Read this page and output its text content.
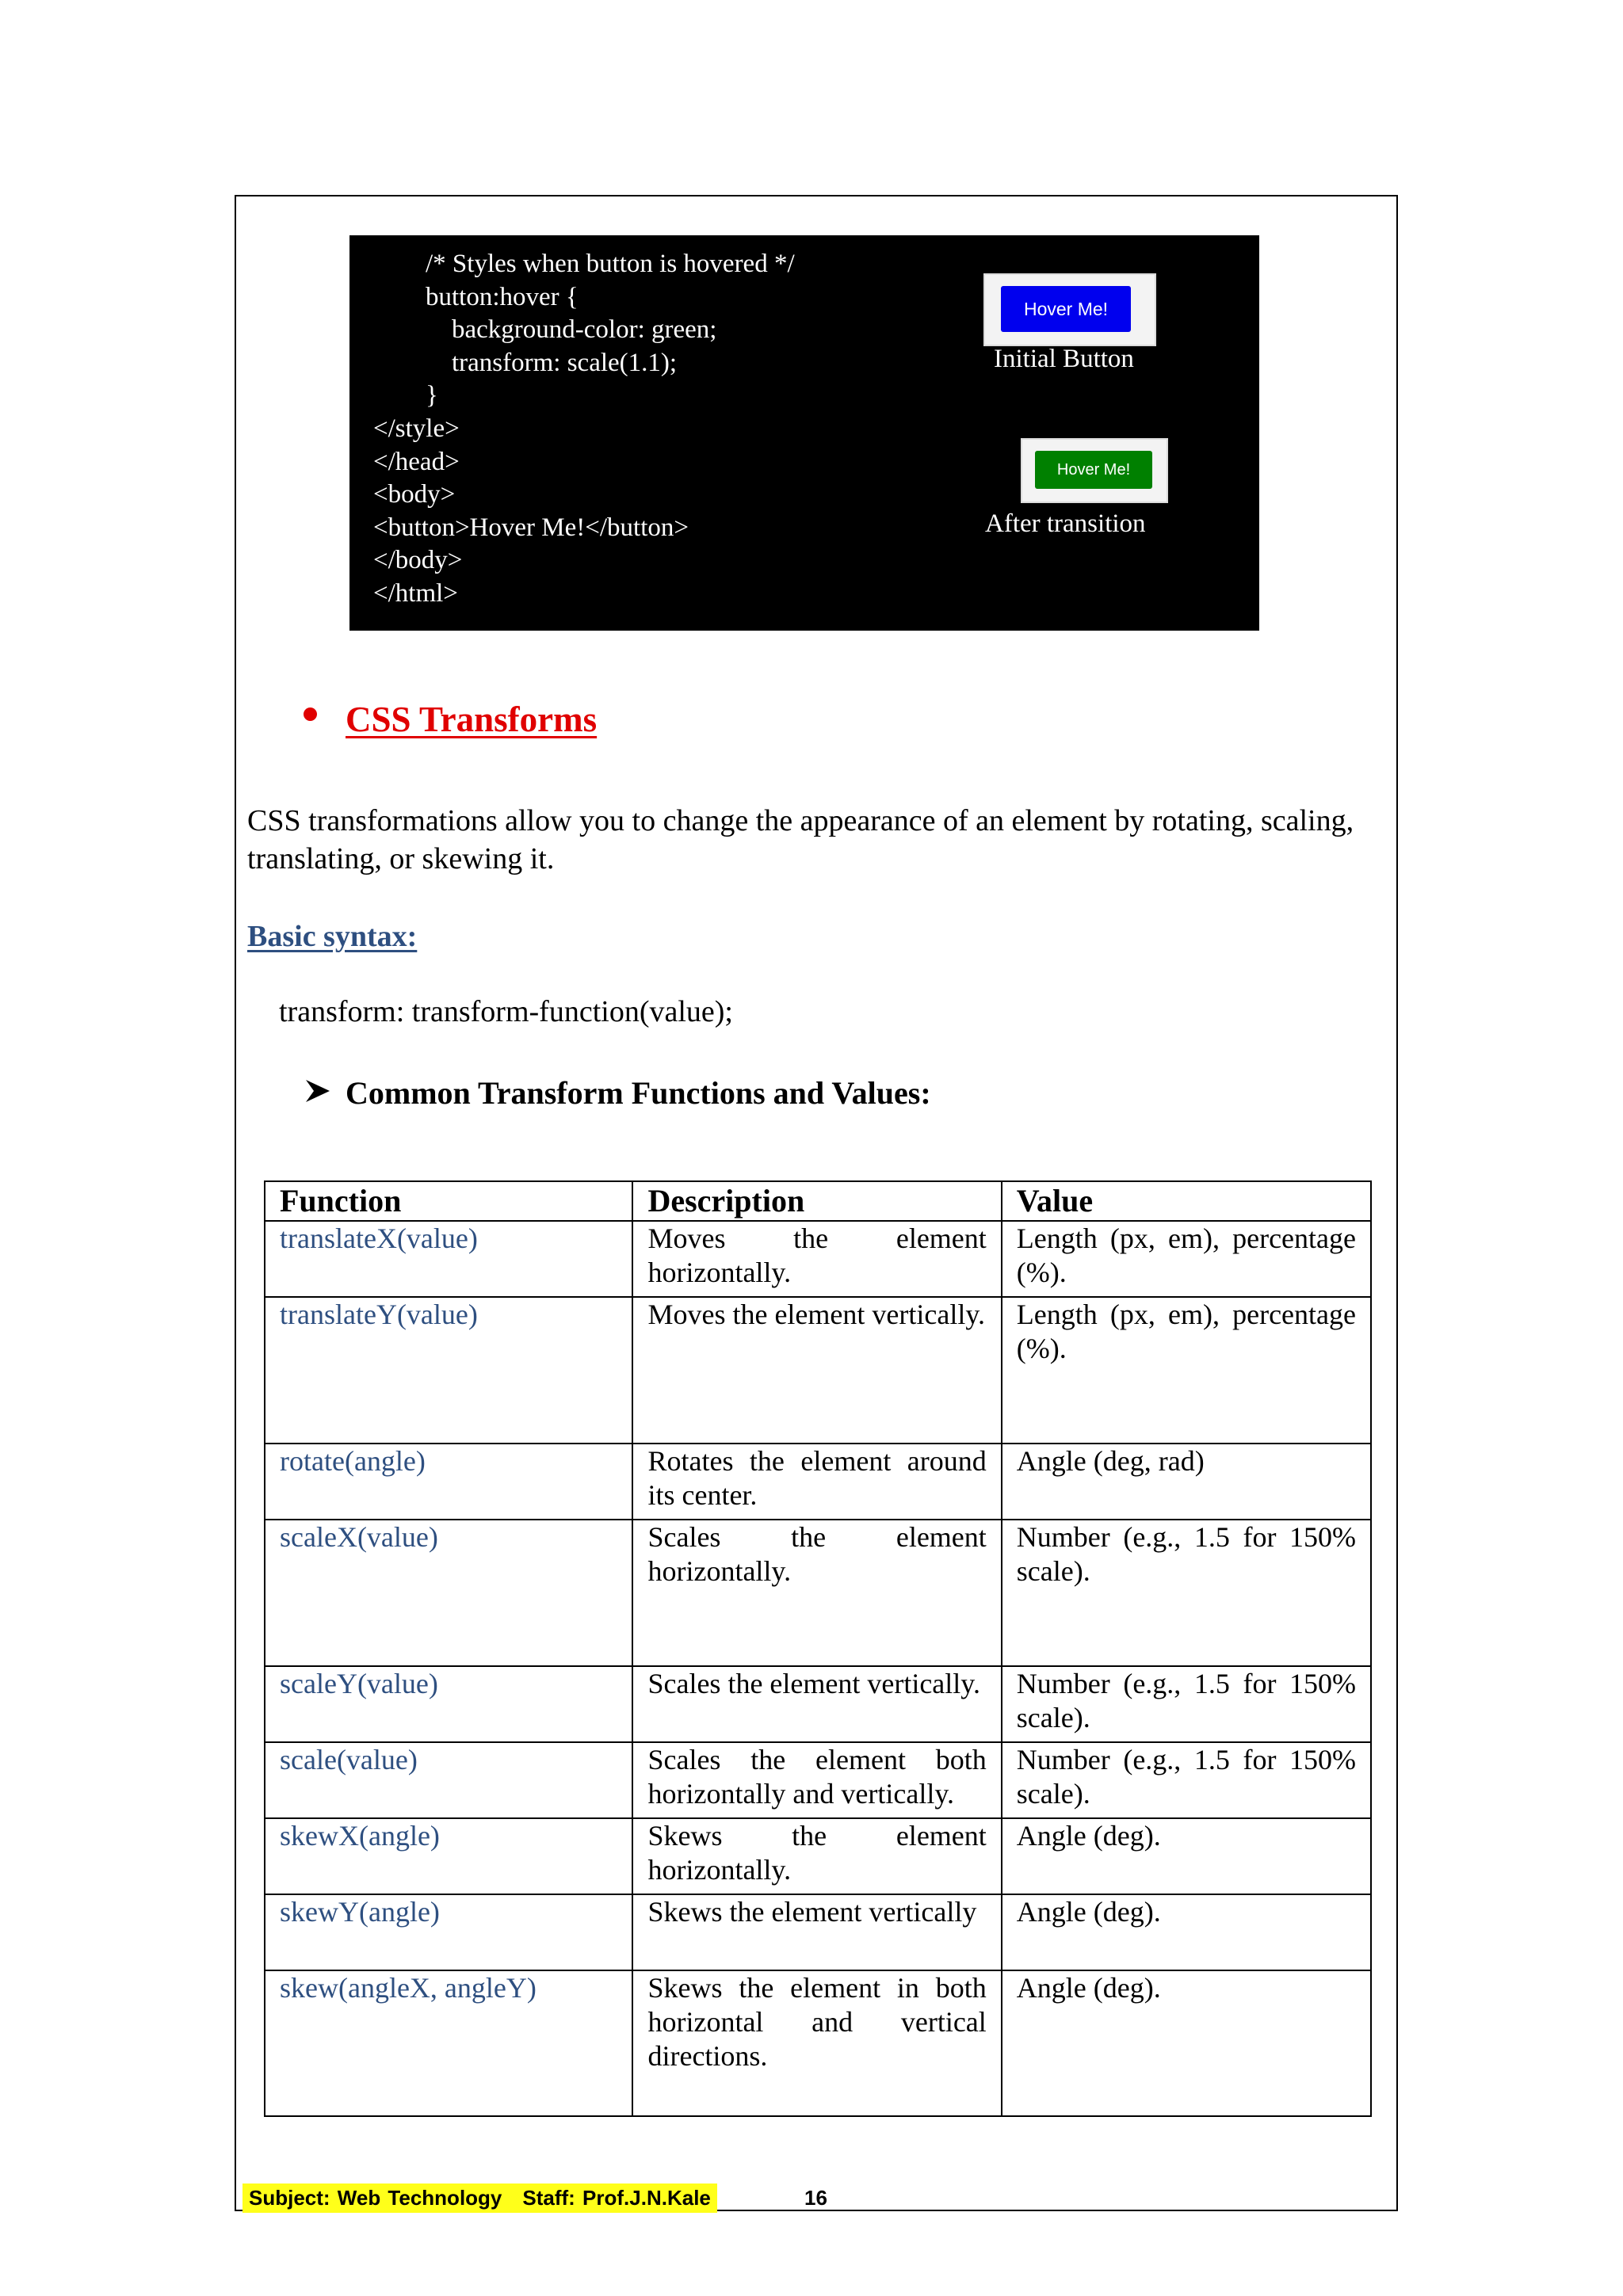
/* Styles when button is hovered */
button:hover {
background-color: green;
transform: scale(1.1);
}
</style>
</head>
<body>
<button>Hover Me!</button>
</body>
</html>
Hover Me!
Initial Button
Hover Me!
After transition
CSS Transforms

CSS transformations allow you to change the appearance of an element by rotating, scaling, translating, or skewing it.

Basic syntax:
transform: transform-function(value);
Common Transform Functions and Values:
Function	Description	Value
translateX(value)	Moves the element horizontally.	Length (px, em), percentage (%).
translateY(value)	Moves the element vertically.	Length (px, em), percentage (%).
rotate(angle)	Rotates the element around its center.	Angle (deg, rad)
scaleX(value)	Scales the element horizontally.	Number (e.g., 1.5 for 150% scale).
scaleY(value)	Scales the element vertically.	Number (e.g., 1.5 for 150% scale).
scale(value)	Scales the element both horizontally and vertically.	Number (e.g., 1.5 for 150% scale).
skewX(angle)	Skews the element horizontally.	Angle (deg).
skewY(angle)	Skews the element vertically	Angle (deg).
skew(angleX, angleY)	Skews the element in both horizontal and vertical directions.	Angle (deg).
Subject: Web Technology Staff: Prof.J.N.Kale	16
